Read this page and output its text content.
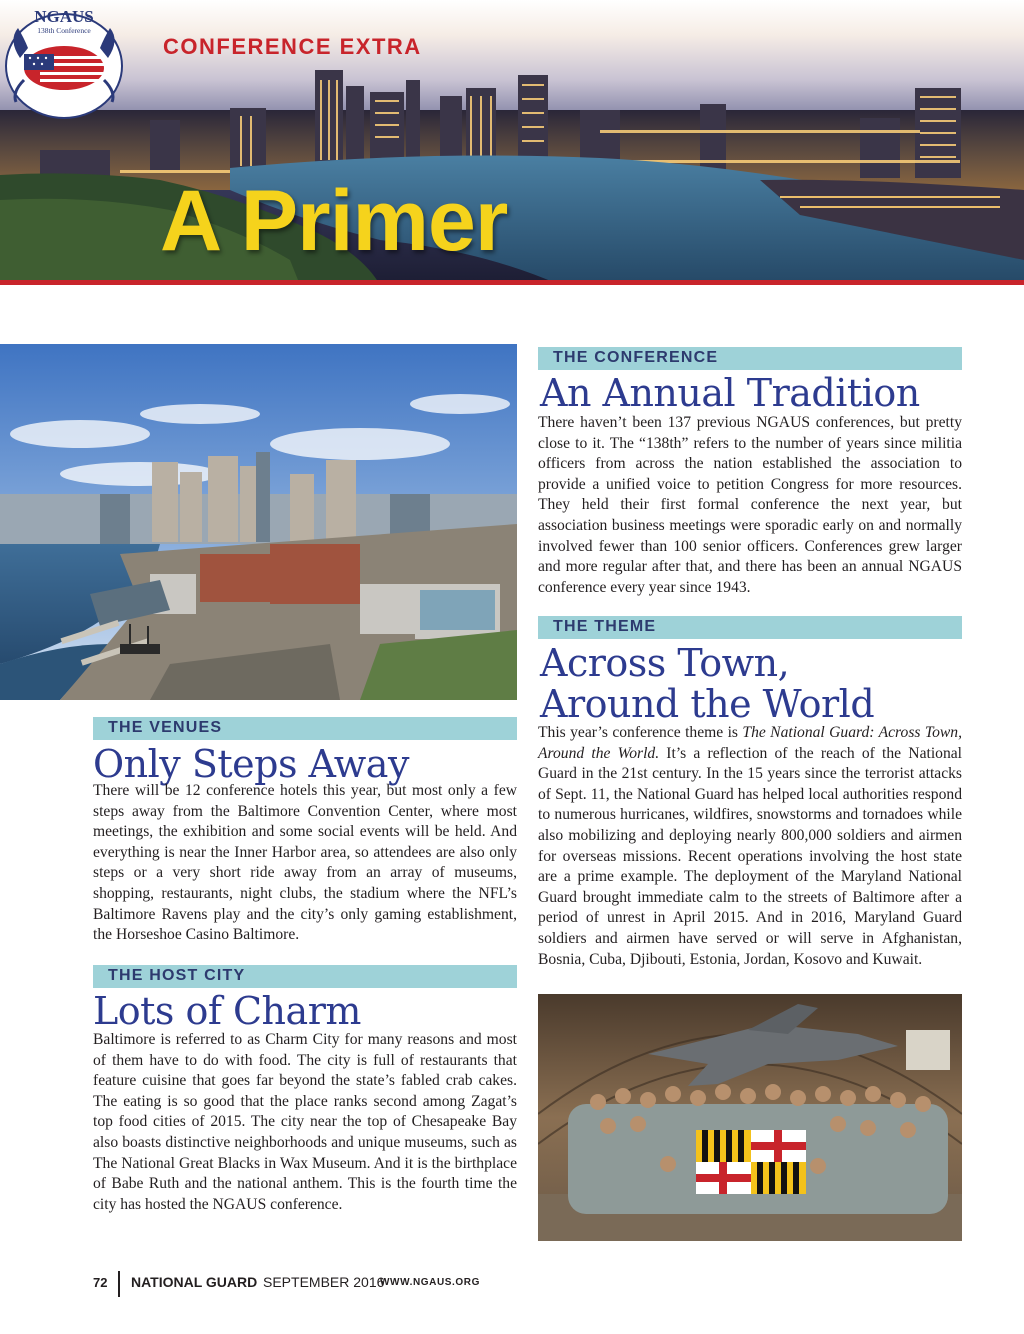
NGAUS
138th Conference
Baltimore
2016
CONFERENCE EXTRA
A Primer
THE CONFERENCE
An Annual Tradition
There haven’t been 137 previous NGAUS conferences, but pretty close to it. The “138th” refers to the number of years since militia officers from across the nation established the association to provide a unified voice to petition Congress for more resources. They held their first formal conference the next year, but association business meetings were sporadic early on and normally involved fewer than 100 senior officers. Conferences grew larger and more regular after that, and there has been an annual NGAUS conference every year since 1943.
THE THEME
Across Town,
Around the World
This year’s conference theme is The National Guard: Across Town, Around the World. It’s a reflection of the reach of the National Guard in the 21st century. In the 15 years since the terrorist attacks of Sept. 11, the National Guard has helped local authorities respond to numerous hurricanes, wildfires, snowstorms and tornadoes while also mobilizing and deploying nearly 800,000 soldiers and airmen for overseas missions. Recent operations involving the host state are a prime example. The deployment of the Maryland National Guard brought immediate calm to the streets of Baltimore after a period of unrest in April 2015. And in 2016, Maryland Guard soldiers and airmen have served or will serve in Afghanistan, Bosnia, Cuba, Djibouti, Estonia, Jordan, Kosovo and Kuwait.
THE VENUES
Only Steps Away
There will be 12 conference hotels this year, but most only a few steps away from the Baltimore Convention Center, where most meetings, the exhibition and some social events will be held. And everything is near the Inner Harbor area, so attendees are also only steps or a very short ride away from an array of museums, shopping, restaurants, night clubs, the stadium where the NFL’s Baltimore Ravens play and the city’s only gaming establishment, the Horseshoe Casino Baltimore.
THE HOST CITY
Lots of Charm
Baltimore is referred to as Charm City for many reasons and most of them have to do with food. The city is full of restaurants that feature cuisine that goes far beyond the state’s fabled crab cakes. The eating is so good that the place ranks second among Zagat’s top food cities of 2015. The city near the top of Chesapeake Bay also boasts distinctive neighborhoods and unique museums, such as The National Great Blacks in Wax Museum. And it is the birthplace of Babe Ruth and the national anthem. This is the fourth time the city has hosted the NGAUS conference.
72 NATIONAL GUARD SEPTEMBER 2016
WWW.NGAUS.ORG
